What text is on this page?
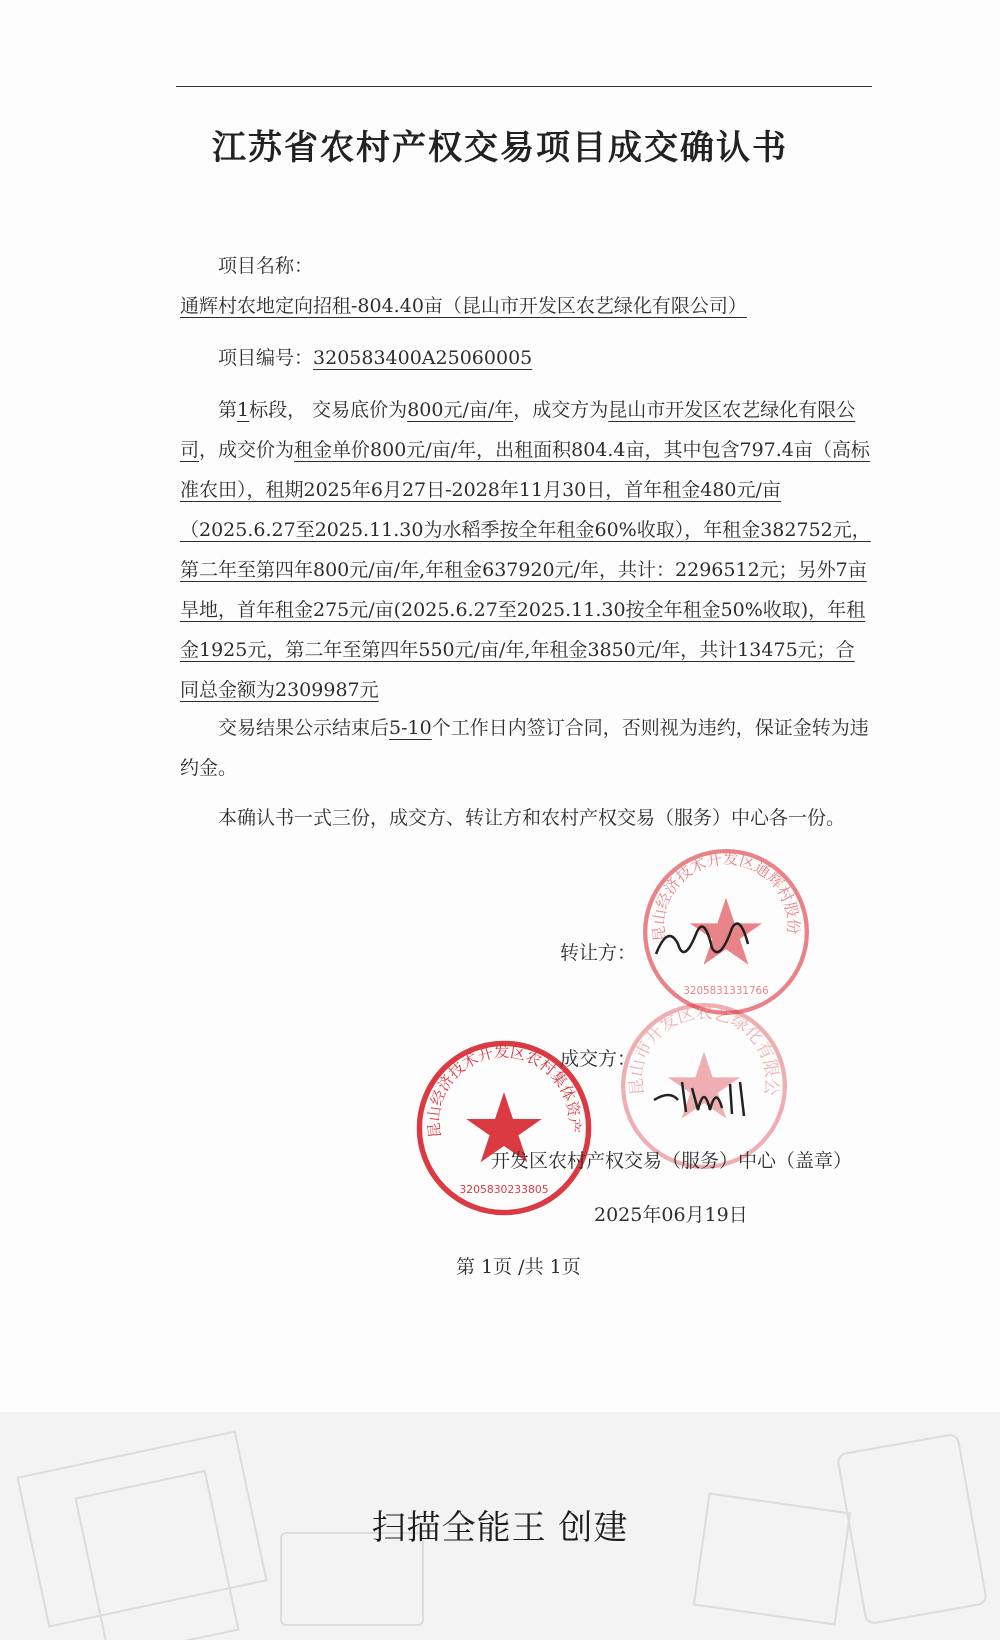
江苏省农村产权交易项目成交确认书
项目名称：通辉村农地定向招租-804.40亩（昆山市开发区农艺绿化有限公司）
项目编号：320583400A25060005
第1标段， 交易底价为800元/亩/年，成交方为昆山市开发区农艺绿化有限公司，成交价为租金单价800元/亩/年，出租面积804.4亩，其中包含797.4亩（高标准农田），租期2025年6月27日-2028年11月30日，首年租金480元/亩（2025.6.27至2025.11.30为水稻季按全年租金60%收取），年租金382752元，第二年至第四年800元/亩/年,年租金637920元/年，共计：2296512元；另外7亩旱地，首年租金275元/亩(2025.6.27至2025.11.30按全年租金50%收取)，年租金1925元，第二年至第四年550元/亩/年,年租金3850元/年，共计13475元；合同总金额为2309987元
交易结果公示结束后5-10个工作日内签订合同，否则视为违约，保证金转为违约金。
本确认书一式三份，成交方、转让方和农村产权交易（服务）中心各一份。
昆山经济技术开发区通辉村股份
3205831331766
昆山市开发区农艺绿化有限公
昆山经济技术开发区农村集体资产
3205830233805
转让方：
成交方：
开发区农村产权交易（服务）中心（盖章）
2025年06月19日
第 1页 /共 1页
扫描全能王 创建
